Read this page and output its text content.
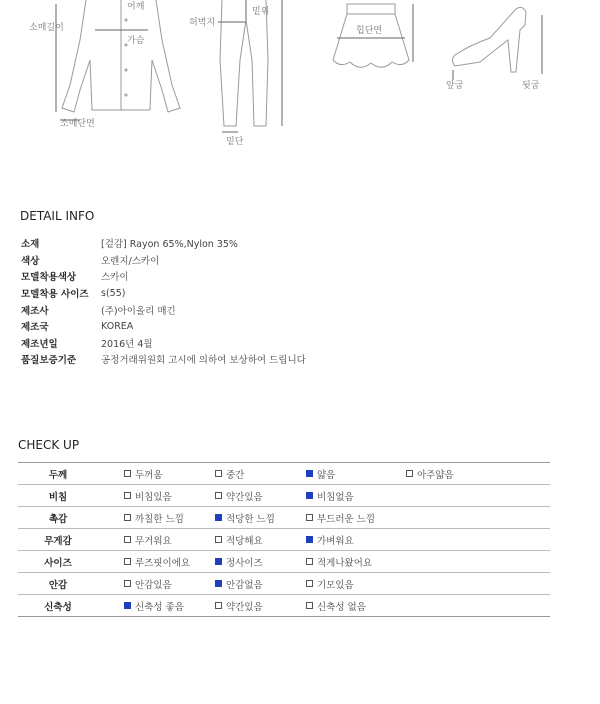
소매길이
어깨
가슴
소매단면
허벅지
밑위
밑단
힙단면
앞굽	뒷굽
DETAIL INFO
소재	[겉감] Rayon 65%,Nylon 35%
색상	오렌지/스카이
모델착용색상	스카이
모델착용 사이즈	s(55)
제조사	(주)아이올리 매긴
제조국	KOREA
제조년일	2016년 4월
품질보증기준	공정거래위원회 고시에 의하여 보상하여 드립니다
CHECK UP
두께	두꺼움	중간	얇음	아주얇음
비침	비침있음	약간있음	비침없음
촉감	까칠한 느낌	적당한 느낌	부드러운 느낌
무게감	무거워요	적당해요	가벼워요
사이즈	루즈핏이에요	정사이즈	적게나왔어요
안감	안감있음	안감없음	기모있음
신축성	신축성 좋음	약간있음	신축성 없음
